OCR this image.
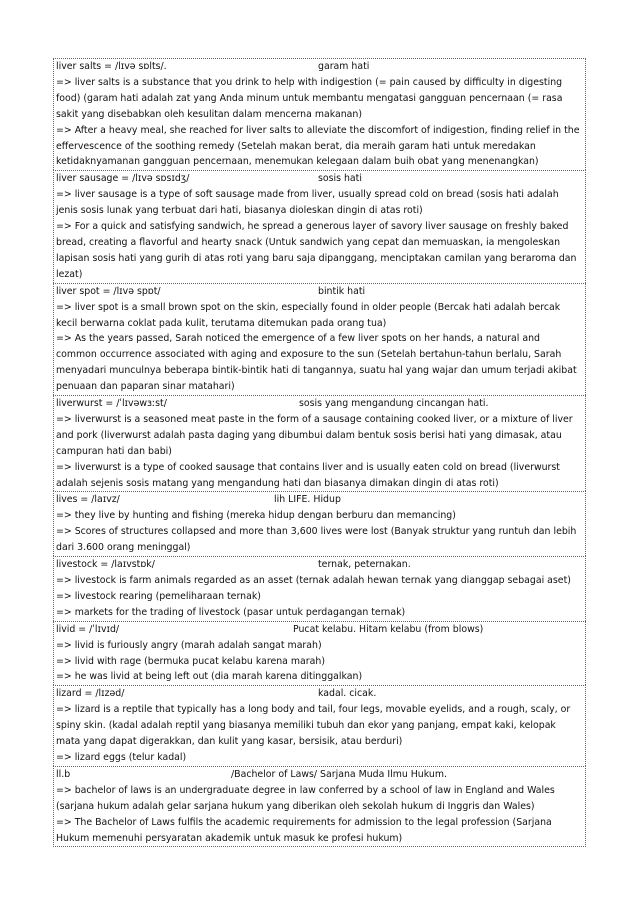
liver salts = /lɪvə sɒlts/.	garam hati

=> liver salts is a substance that you drink to help with indigestion (= pain caused by difficulty in digesting food) (garam hati adalah zat yang Anda minum untuk membantu mengatasi gangguan pencernaan (= rasa sakit yang disebabkan oleh kesulitan dalam mencerna makanan)

=> After a heavy meal, she reached for liver salts to alleviate the discomfort of indigestion, finding relief in the effervescence of the soothing remedy (Setelah makan berat, dia meraih garam hati untuk meredakan ketidaknyamanan gangguan pencernaan, menemukan kelegaan dalam buih obat yang menenangkan)

liver sausage = /lɪvə sɒsɪdʒ/	sosis hati

=> liver sausage is a type of soft sausage made from liver, usually spread cold on bread (sosis hati adalah jenis sosis lunak yang terbuat dari hati, biasanya dioleskan dingin di atas roti)

=> For a quick and satisfying sandwich, he spread a generous layer of savory liver sausage on freshly baked bread, creating a flavorful and hearty snack (Untuk sandwich yang cepat dan memuaskan, ia mengoleskan lapisan sosis hati yang gurih di atas roti yang baru saja dipanggang, menciptakan camilan yang beraroma dan lezat)

liver spot = /lɪvə spɒt/	bintik hati

=> liver spot is a small brown spot on the skin, especially found in older people (Bercak hati adalah bercak kecil berwarna coklat pada kulit, terutama ditemukan pada orang tua)

=> As the years passed, Sarah noticed the emergence of a few liver spots on her hands, a natural and common occurrence associated with aging and exposure to the sun (Setelah bertahun-tahun berlalu, Sarah menyadari munculnya beberapa bintik-bintik hati di tangannya, suatu hal yang wajar dan umum terjadi akibat penuaan dan paparan sinar matahari)

liverwurst = /ˈlɪvəwɜːst/	sosis yang mengandung cincangan hati.

=> liverwurst is a seasoned meat paste in the form of a sausage containing cooked liver, or a mixture of liver and pork (liverwurst adalah pasta daging yang dibumbui dalam bentuk sosis berisi hati yang dimasak, atau campuran hati dan babi)

=> liverwurst is a type of cooked sausage that contains liver and is usually eaten cold on bread (liverwurst adalah sejenis sosis matang yang mengandung hati dan biasanya dimakan dingin di atas roti)

lives = /laɪvz/	lih LIFE. Hidup

=> they live by hunting and fishing (mereka hidup dengan berburu dan memancing)

=> Scores of structures collapsed and more than 3,600 lives were lost (Banyak struktur yang runtuh dan lebih dari 3.600 orang meninggal)

livestock = /laɪvstɒk/	ternak, peternakan.

=> livestock is farm animals regarded as an asset (ternak adalah hewan ternak yang dianggap sebagai aset)

=> livestock rearing (pemeliharaan ternak)

=> markets for the trading of livestock (pasar untuk perdagangan ternak)

livid = /ˈlɪvɪd/	Pucat kelabu. Hitam kelabu (from blows)

=> livid is furiously angry (marah adalah sangat marah)

=> livid with rage (bermuka pucat kelabu karena marah)

=> he was livid at being left out (dia marah karena ditinggalkan)

lizard = /lɪzəd/	kadal. cicak.

=> lizard is a reptile that typically has a long body and tail, four legs, movable eyelids, and a rough, scaly, or spiny skin. (kadal adalah reptil yang biasanya memiliki tubuh dan ekor yang panjang, empat kaki, kelopak mata yang dapat digerakkan, dan kulit yang kasar, bersisik, atau berduri)

=> lizard eggs (telur kadal)

ll.b	/Bachelor of Laws/ Sarjana Muda Ilmu Hukum.

=> bachelor of laws is an undergraduate degree in law conferred by a school of law in England and Wales (sarjana hukum adalah gelar sarjana hukum yang diberikan oleh sekolah hukum di Inggris dan Wales)

=> The Bachelor of Laws fulfils the academic requirements for admission to the legal profession (Sarjana Hukum memenuhi persyaratan akademik untuk masuk ke profesi hukum)
